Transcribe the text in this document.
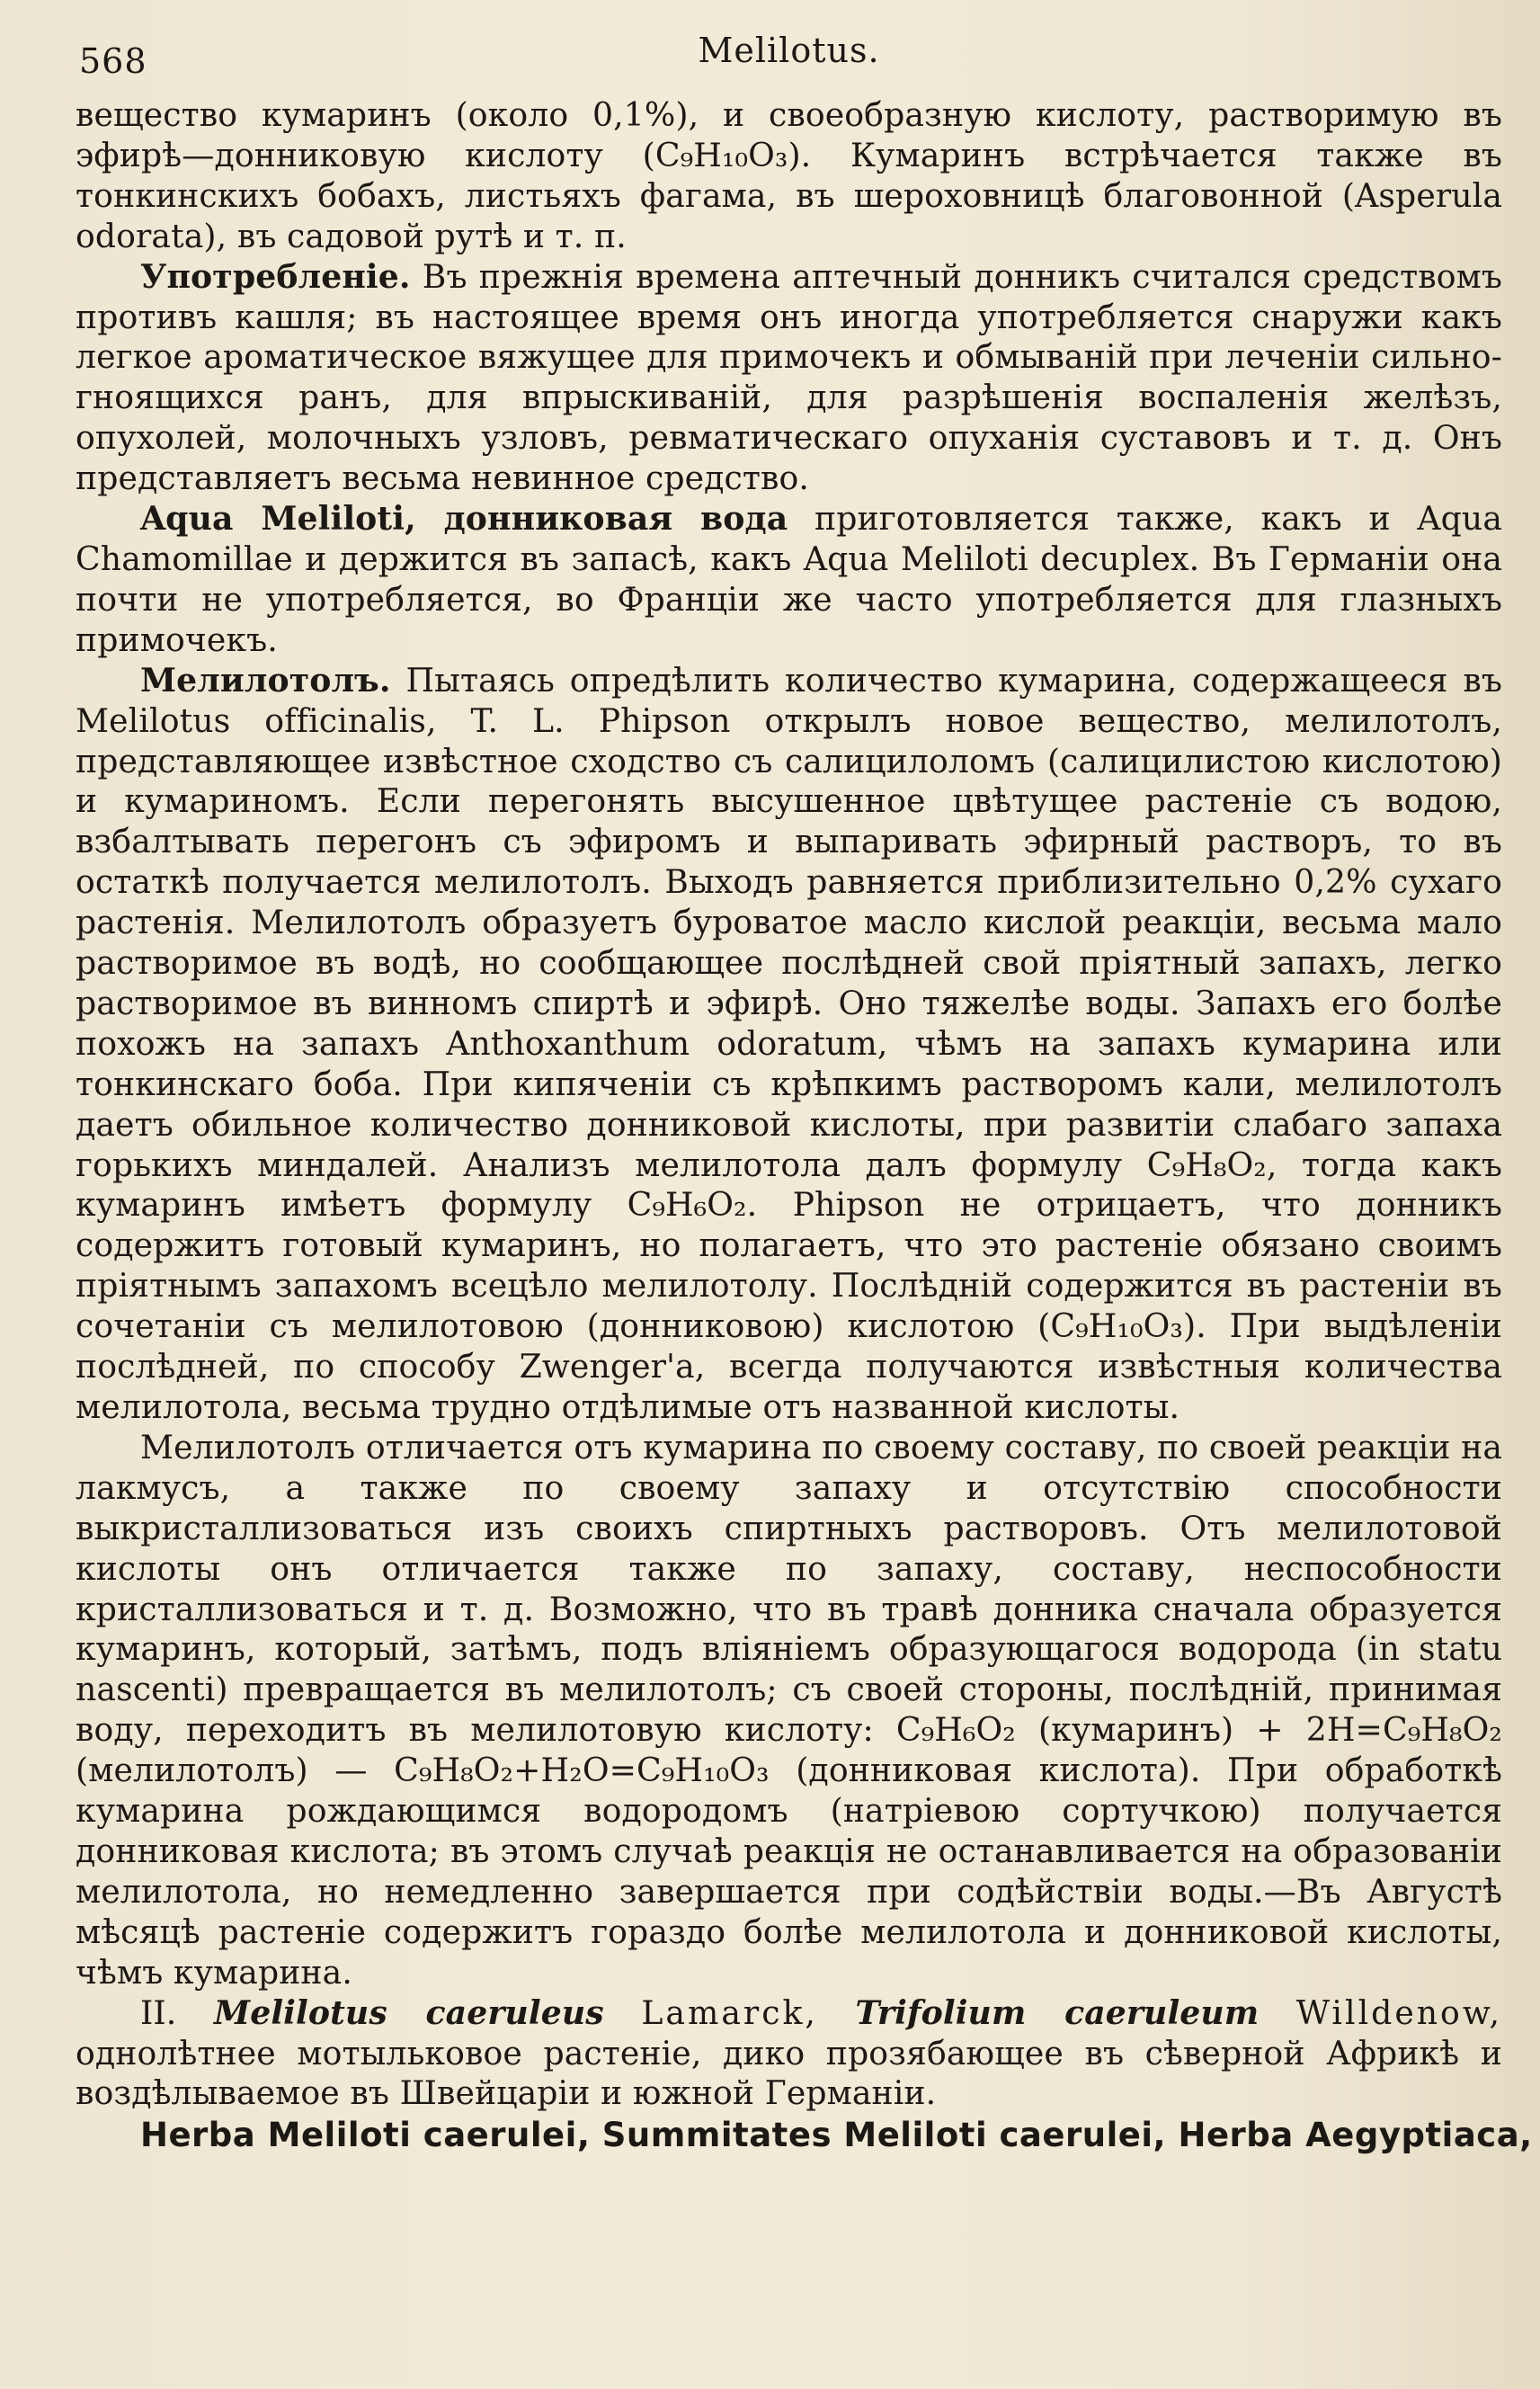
568	Melilotus.

вещество кумаринъ (около 0,1%), и своеобразную кислоту, растворимую въ эфирѣ—донниковую кислоту (C₉H₁₀O₃). Кумаринъ встрѣчается также въ тонкинскихъ бобахъ, листьяхъ фагама, въ шероховницѣ благовонной (Asperula odorata), въ садовой рутѣ и т. п.

Употребленіе. Въ прежнія времена аптечный донникъ считался средствомъ противъ кашля; въ настоящее время онъ иногда употребляется снаружи какъ легкое ароматическое вяжущее для примочекъ и обмываній при леченіи сильно-гноящихся ранъ, для впрыскиваній, для разрѣшенія воспаленія желѣзъ, опухолей, молочныхъ узловъ, ревматическаго опуханія суставовъ и т. д. Онъ представляетъ весьма невинное средство.

Aqua Meliloti, донниковая вода приготовляется также, какъ и Aqua Chamomillae и держится въ запасѣ, какъ Aqua Meliloti decuplex. Въ Германіи она почти не употребляется, во Франціи же часто употребляется для глазныхъ примочекъ.

Мелилотолъ. Пытаясь опредѣлить количество кумарина, содержащееся въ Melilotus officinalis, T. L. Phipson открылъ новое вещество, мелилотолъ, представляющее извѣстное сходство съ салицилоломъ (салицилистою кислотою) и кумариномъ. Если перегонять высушенное цвѣтущее растеніе съ водою, взбалтывать перегонъ съ эфиромъ и выпаривать эфирный растворъ, то въ остаткѣ получается мелилотолъ. Выходъ равняется приблизительно 0,2% сухаго растенія. Мелилотолъ образуетъ буроватое масло кислой реакціи, весьма мало растворимое въ водѣ, но сообщающее послѣдней свой пріятный запахъ, легко растворимое въ винномъ спиртѣ и эфирѣ. Оно тяжелѣе воды. Запахъ его болѣе похожъ на запахъ Anthoxanthum odoratum, чѣмъ на запахъ кумарина или тонкинскаго боба. При кипяченіи съ крѣпкимъ растворомъ кали, мелилотолъ даетъ обильное количество донниковой кислоты, при развитіи слабаго запаха горькихъ миндалей. Анализъ мелилотола далъ формулу C₉H₈O₂, тогда какъ кумаринъ имѣетъ формулу C₉H₆O₂. Phipson не отрицаетъ, что донникъ содержитъ готовый кумаринъ, но полагаетъ, что это растеніе обязано своимъ пріятнымъ запахомъ всецѣло мелилотолу. Послѣдній содержится въ растеніи въ сочетаніи съ мелилотовою (донниковою) кислотою (C₉H₁₀O₃). При выдѣленіи послѣдней, по способу Zwenger'а, всегда получаются извѣстныя количества мелилотола, весьма трудно отдѣлимые отъ названной кислоты.

Мелилотолъ отличается отъ кумарина по своему составу, по своей реакціи на лакмусъ, а также по своему запаху и отсутствію способности выкристаллизоваться изъ своихъ спиртныхъ растворовъ. Отъ мелилотовой кислоты онъ отличается также по запаху, составу, неспособности кристаллизоваться и т. д. Возможно, что въ травѣ донника сначала образуется кумаринъ, который, затѣмъ, подъ вліяніемъ образующагося водорода (in statu nascenti) превращается въ мелилотолъ; съ своей стороны, послѣдній, принимая воду, переходитъ въ мелилотовую кислоту: C₉H₆O₂ (кумаринъ) + 2H=C₉H₈O₂ (мелилотолъ) — C₉H₈O₂+H₂O=C₉H₁₀O₃ (донниковая кислота). При обработкѣ кумарина рождающимся водородомъ (натріевою сортучкою) получается донниковая кислота; въ этомъ случаѣ реакція не останавливается на образованіи мелилотола, но немедленно завершается при содѣйствіи воды.—Въ Августѣ мѣсяцѣ растеніе содержитъ гораздо болѣе мелилотола и донниковой кислоты, чѣмъ кумарина.

II. Melilotus caeruleus Lamarck, Trifolium caeruleum Willdenow, однолѣтнее мотыльковое растеніе, дико прозябающее въ сѣверной Африкѣ и воздѣлываемое въ Швейцаріи и южной Германіи.

Herba Meliloti caerulei, Summitates Meliloti caerulei, Herba Aegyptiaca,
